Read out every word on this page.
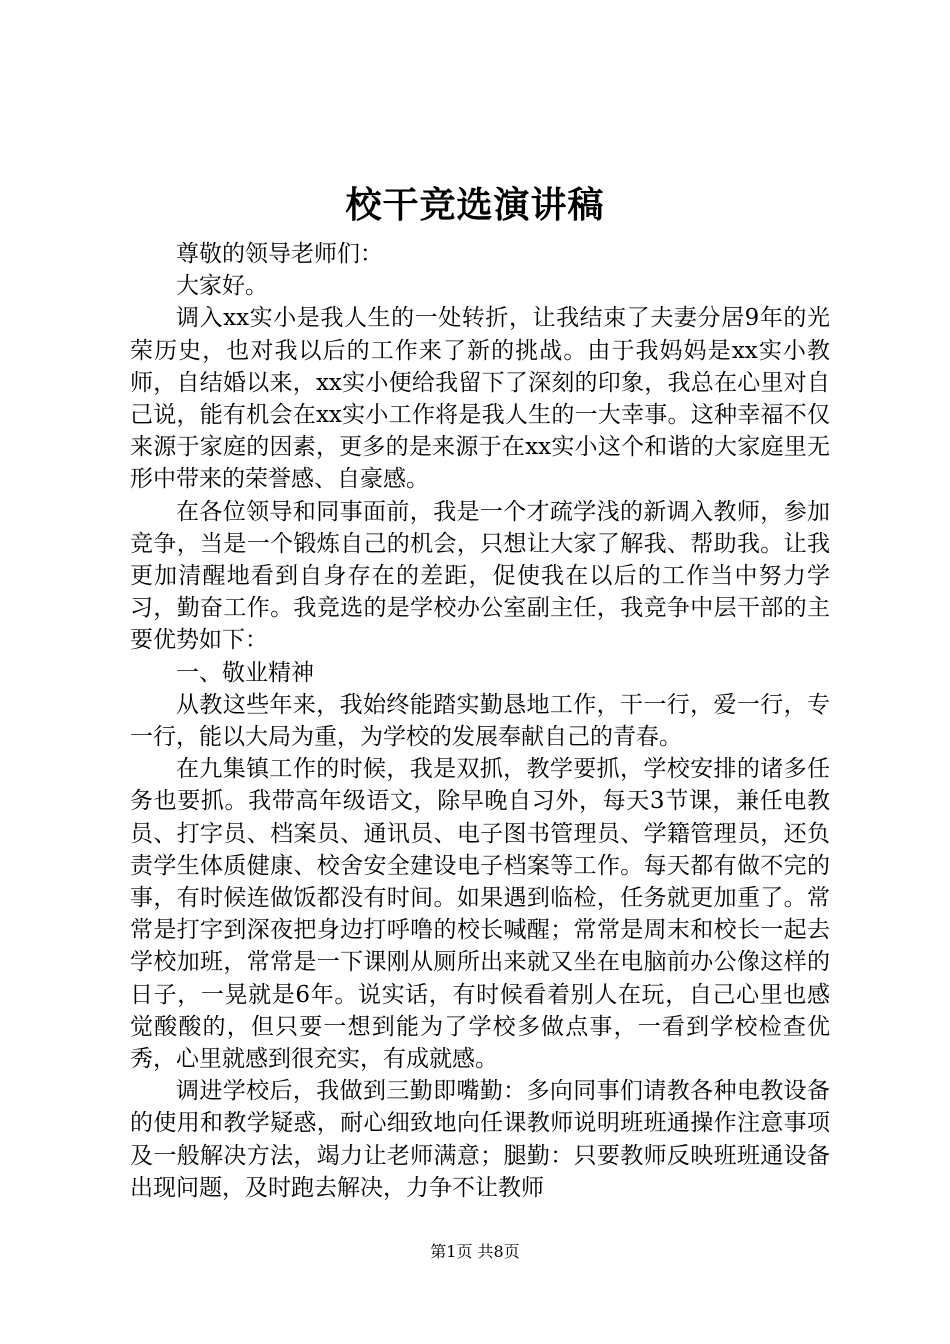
校干竞选演讲稿

尊敬的领导老师们：

大家好。

调入xx实小是我人生的一处转折，让我结束了夫妻分居9年的光荣历史，也对我以后的工作来了新的挑战。由于我妈妈是xx实小教师，自结婚以来，xx实小便给我留下了深刻的印象，我总在心里对自己说，能有机会在xx实小工作将是我人生的一大幸事。这种幸福不仅来源于家庭的因素，更多的是来源于在xx实小这个和谐的大家庭里无形中带来的荣誉感、自豪感。

在各位领导和同事面前，我是一个才疏学浅的新调入教师，参加竞争，当是一个锻炼自己的机会，只想让大家了解我、帮助我。让我更加清醒地看到自身存在的差距，促使我在以后的工作当中努力学习，勤奋工作。我竞选的是学校办公室副主任，我竞争中层干部的主要优势如下：

一、敬业精神

从教这些年来，我始终能踏实勤恳地工作，干一行，爱一行，专一行，能以大局为重，为学校的发展奉献自己的青春。

在九集镇工作的时候，我是双抓，教学要抓，学校安排的诸多任务也要抓。我带高年级语文，除早晚自习外，每天3节课，兼任电教员、打字员、档案员、通讯员、电子图书管理员、学籍管理员，还负责学生体质健康、校舍安全建设电子档案等工作。每天都有做不完的事，有时候连做饭都没有时间。如果遇到临检，任务就更加重了。常常是打字到深夜把身边打呼噜的校长喊醒；常常是周末和校长一起去学校加班，常常是一下课刚从厕所出来就又坐在电脑前办公像这样的日子，一晃就是6年。说实话，有时候看着别人在玩，自己心里也感觉酸酸的，但只要一想到能为了学校多做点事，一看到学校检查优秀，心里就感到很充实，有成就感。

调进学校后，我做到三勤即嘴勤：多向同事们请教各种电教设备的使用和教学疑惑，耐心细致地向任课教师说明班班通操作注意事项及一般解决方法，竭力让老师满意；腿勤：只要教师反映班班通设备出现问题，及时跑去解决，力争不让教师

第1页 共8页
